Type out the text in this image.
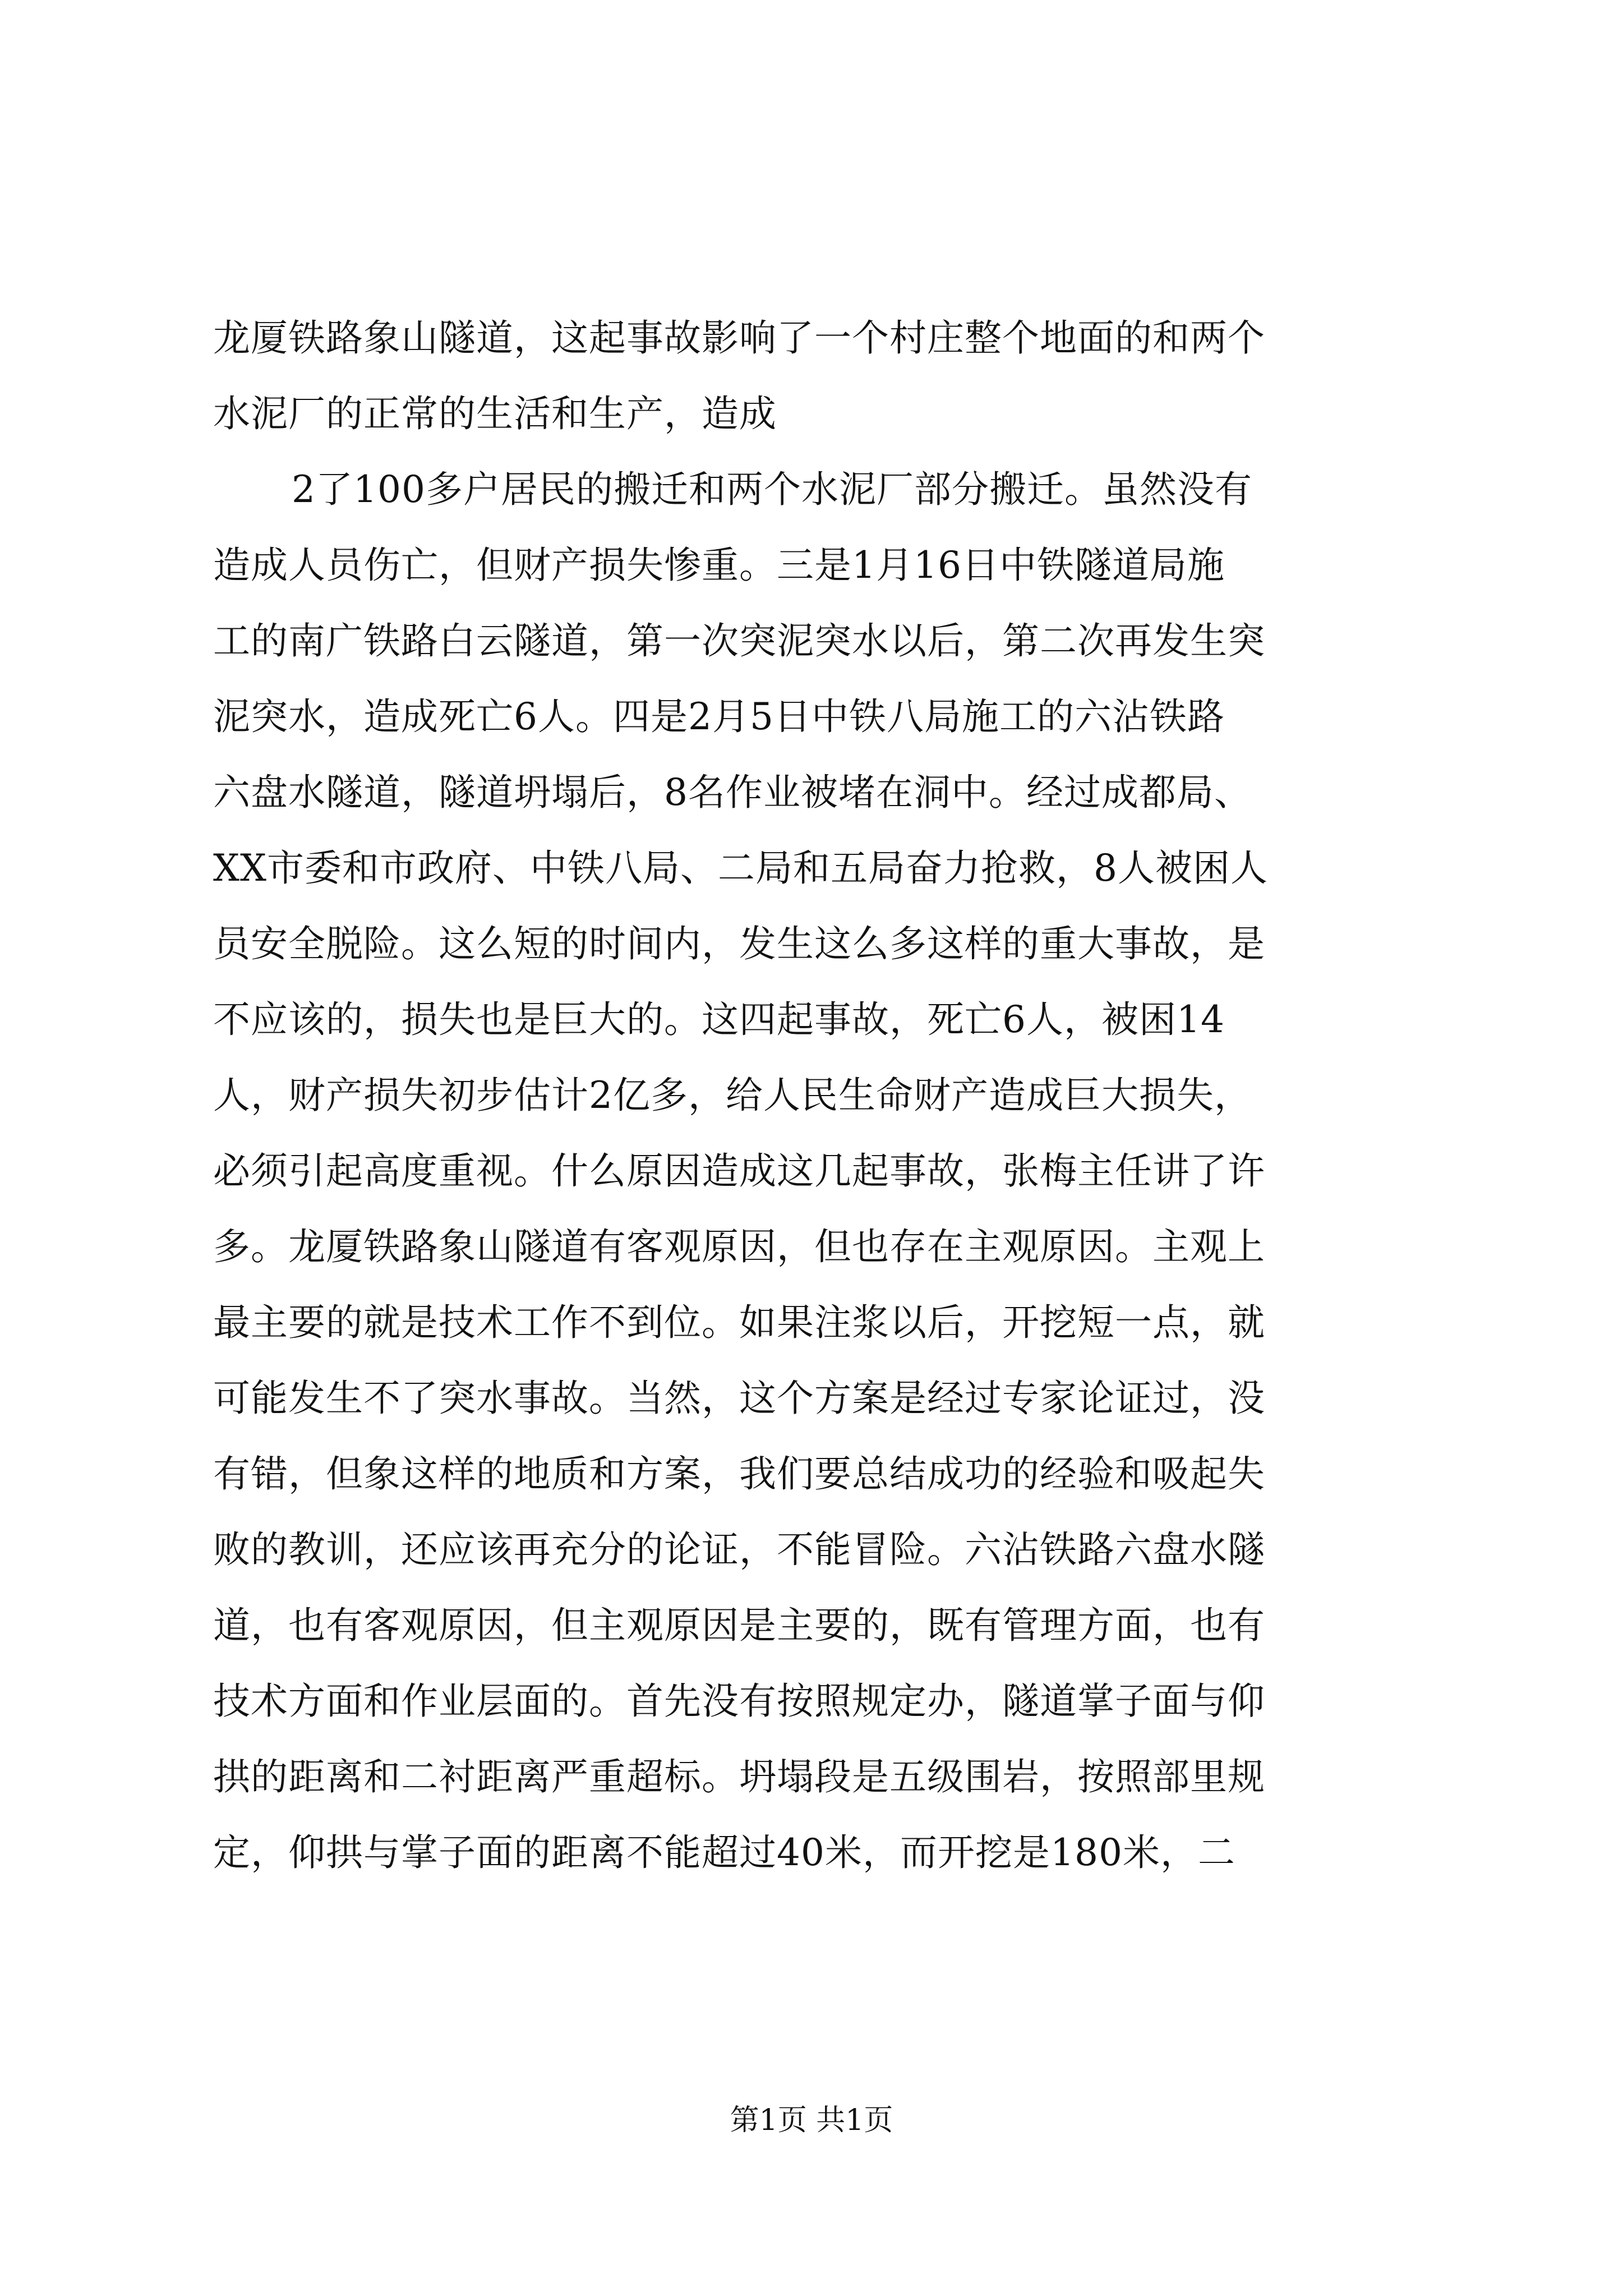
龙厦铁路象山隧道，这起事故影响了一个村庄整个地面的和两个
水泥厂的正常的生活和生产，造成
2了100多户居民的搬迁和两个水泥厂部分搬迁。虽然没有
造成人员伤亡，但财产损失惨重。三是1月16日中铁隧道局施
工的南广铁路白云隧道，第一次突泥突水以后，第二次再发生突
泥突水，造成死亡6人。四是2月5日中铁八局施工的六沾铁路
六盘水隧道，隧道坍塌后，8名作业被堵在洞中。经过成都局、
XX市委和市政府、中铁八局、二局和五局奋力抢救，8人被困人
员安全脱险。这么短的时间内，发生这么多这样的重大事故，是
不应该的，损失也是巨大的。这四起事故，死亡6人，被困14
人，财产损失初步估计2亿多，给人民生命财产造成巨大损失，
必须引起高度重视。什么原因造成这几起事故，张梅主任讲了许
多。龙厦铁路象山隧道有客观原因，但也存在主观原因。主观上
最主要的就是技术工作不到位。如果注浆以后，开挖短一点，就
可能发生不了突水事故。当然，这个方案是经过专家论证过，没
有错，但象这样的地质和方案，我们要总结成功的经验和吸起失
败的教训，还应该再充分的论证，不能冒险。六沾铁路六盘水隧
道，也有客观原因，但主观原因是主要的，既有管理方面，也有
技术方面和作业层面的。首先没有按照规定办，隧道掌子面与仰
拱的距离和二衬距离严重超标。坍塌段是五级围岩，按照部里规
定，仰拱与掌子面的距离不能超过40米，而开挖是180米，二
第1页 共1页
